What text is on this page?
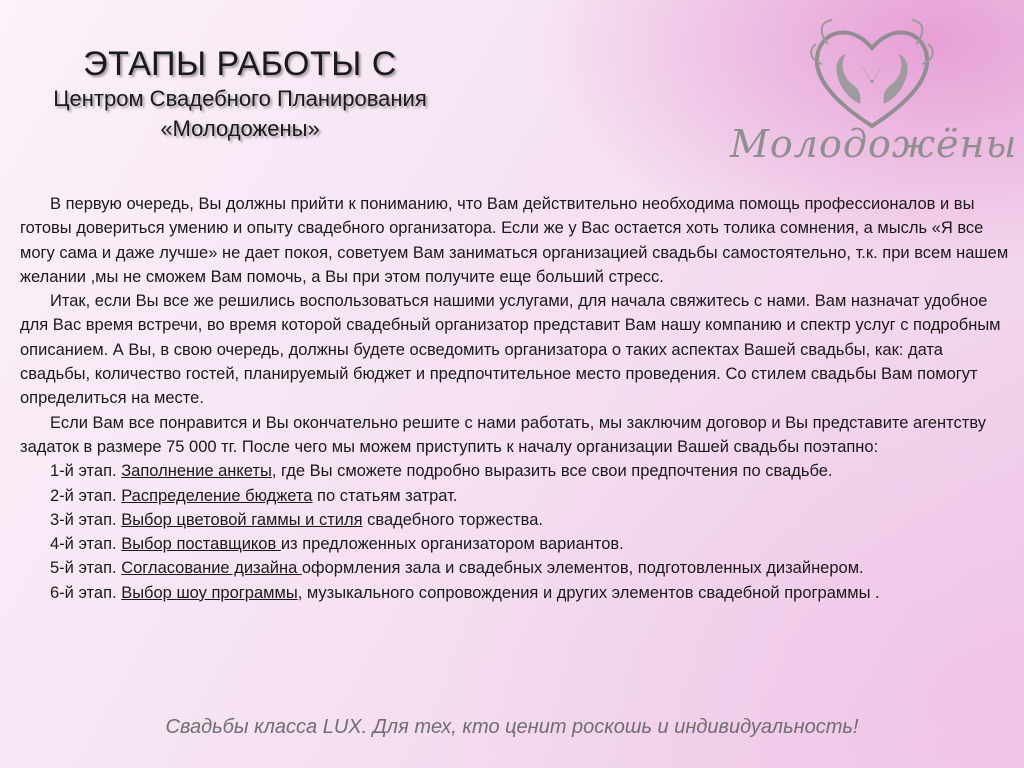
ЭТАПЫ РАБОТЫ С
Центром Свадебного Планирования
«Молодожены»	Молодожёны

В первую очередь, Вы должны прийти к пониманию, что Вам действительно необходима помощь профессионалов и вы готовы довериться умению и опыту свадебного организатора. Если же у Вас остается хоть толика сомнения, а мысль «Я все могу сама и даже лучше» не дает покоя, советуем Вам заниматься организацией свадьбы самостоятельно, т.к. при всем нашем желании ,мы не сможем Вам помочь, а Вы при этом получите еще больший стресс.

Итак, если Вы все же решились воспользоваться нашими услугами, для начала свяжитесь с нами. Вам назначат удобное для Вас время встречи, во время которой свадебный организатор представит Вам нашу компанию и спектр услуг с подробным описанием. А Вы, в свою очередь, должны будете осведомить организатора о таких аспектах Вашей свадьбы, как: дата свадьбы, количество гостей, планируемый бюджет и предпочтительное место проведения. Со стилем свадьбы Вам помогут определиться на месте.

Если Вам все понравится и Вы окончательно решите с нами работать, мы заключим договор и Вы представите агентству задаток в размере 75 000 тг. После чего мы можем приступить к началу организации Вашей свадьбы поэтапно:

1-й этап. Заполнение анкеты, где Вы сможете подробно выразить все свои предпочтения по свадьбе.

2-й этап. Распределение бюджета по статьям затрат.

3-й этап. Выбор цветовой гаммы и стиля свадебного торжества.

4-й этап. Выбор поставщиков из предложенных организатором вариантов.

5-й этап. Согласование дизайна оформления зала и свадебных элементов, подготовленных дизайнером.

6-й этап. Выбор шоу программы, музыкального сопровождения и других элементов свадебной программы .

Свадьбы класса LUX. Для тех, кто ценит роскошь и индивидуальность!
